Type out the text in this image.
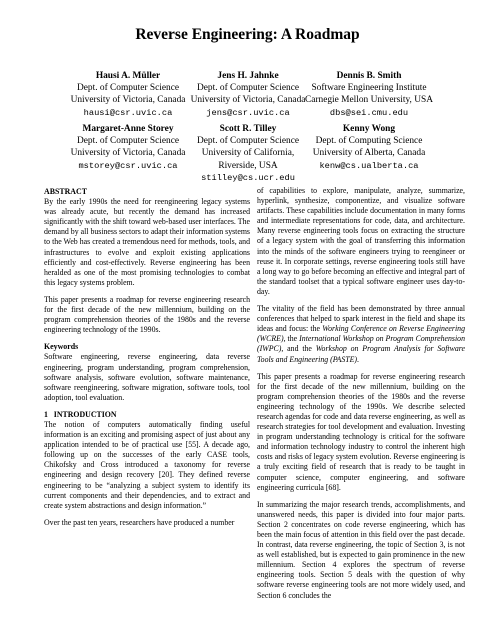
Reverse Engineering: A Roadmap
Hausi A. Müller
Dept. of Computer Science
University of Victoria, Canada
hausi@csr.uvic.ca
Jens H. Jahnke
Dept. of Computer Science
University of Victoria, Canada
jens@csr.uvic.ca
Dennis B. Smith
Software Engineering Institute
Carnegie Mellon University, USA
dbs@sei.cmu.edu
Margaret-Anne Storey
Dept. of Computer Science
University of Victoria, Canada
mstorey@csr.uvic.ca
Scott R. Tilley
Dept. of Computer Science
University of California,
Riverside, USA
stilley@cs.ucr.edu
Kenny Wong
Dept. of Computing Science
University of Alberta, Canada
kenw@cs.ualberta.ca
ABSTRACT

By the early 1990s the need for reengineering legacy systems was already acute, but recently the demand has increased significantly with the shift toward web-based user interfaces. The demand by all business sectors to adapt their information systems to the Web has created a tremendous need for methods, tools, and infrastructures to evolve and exploit existing applications efficiently and cost-effectively. Reverse engineering has been heralded as one of the most promising technologies to combat this legacy systems problem.

This paper presents a roadmap for reverse engineering research for the first decade of the new millennium, building on the program comprehension theories of the 1980s and the reverse engineering technology of the 1990s.

Keywords

Software engineering, reverse engineering, data reverse engineering, program understanding, program comprehension, software analysis, software evolution, software maintenance, software reengineering, software migration, software tools, tool adoption, tool evaluation.

1   INTRODUCTION

The notion of computers automatically finding useful information is an exciting and promising aspect of just about any application intended to be of practical use [55]. A decade ago, following up on the successes of the early CASE tools, Chikofsky and Cross introduced a taxonomy for reverse engineering and design recovery [20]. They defined reverse engineering to be “analyzing a subject system to identify its current components and their dependencies, and to extract and create system abstractions and design information.”

Over the past ten years, researchers have produced a number

of capabilities to explore, manipulate, analyze, summarize, hyperlink, synthesize, componentize, and visualize software artifacts. These capabilities include documentation in many forms and intermediate representations for code, data, and architecture. Many reverse engineering tools focus on extracting the structure of a legacy system with the goal of transferring this information into the minds of the software engineers trying to reengineer or reuse it. In corporate settings, reverse engineering tools still have a long way to go before becoming an effective and integral part of the standard toolset that a typical software engineer uses day-to-day.

The vitality of the field has been demonstrated by three annual conferences that helped to spark interest in the field and shape its ideas and focus: the Working Conference on Reverse Engineering (WCRE), the International Workshop on Program Comprehension (IWPC), and the Workshop on Program Analysis for Software Tools and Engineering (PASTE).

This paper presents a roadmap for reverse engineering research for the first decade of the new millennium, building on the program comprehension theories of the 1980s and the reverse engineering technology of the 1990s. We describe selected research agendas for code and data reverse engineering, as well as research strategies for tool development and evaluation. Investing in program understanding technology is critical for the software and information technology industry to control the inherent high costs and risks of legacy system evolution. Reverse engineering is a truly exciting field of research that is ready to be taught in computer science, computer engineering, and software engineering curricula [68].

In summarizing the major research trends, accomplishments, and unanswered needs, this paper is divided into four major parts. Section 2 concentrates on code reverse engineering, which has been the main focus of attention in this field over the past decade. In contrast, data reverse engineering, the topic of Section 3, is not as well established, but is expected to gain prominence in the new millennium. Section 4 explores the spectrum of reverse engineering tools. Section 5 deals with the question of why software reverse engineering tools are not more widely used, and Section 6 concludes the
